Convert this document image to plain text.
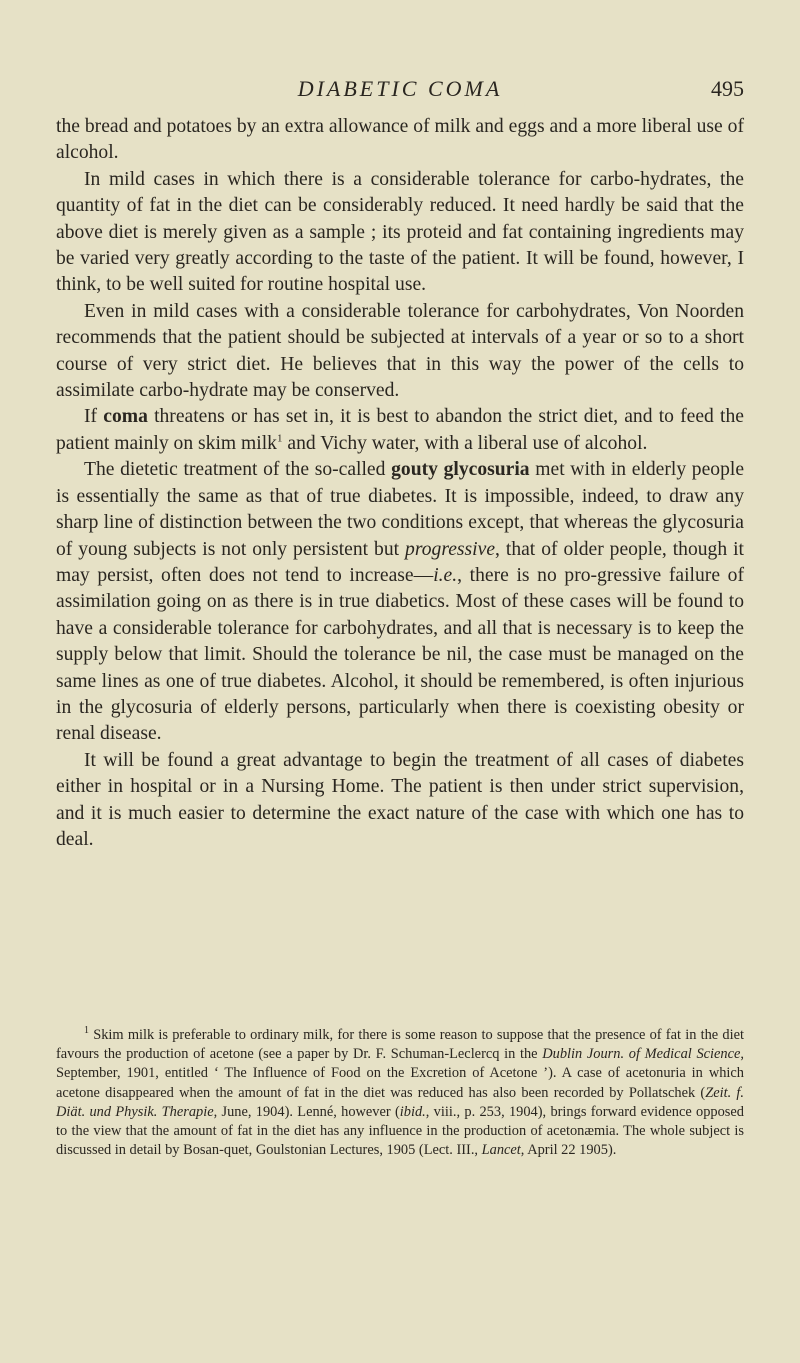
DIABETIC COMA	495

the bread and potatoes by an extra allowance of milk and eggs and a more liberal use of alcohol.

In mild cases in which there is a considerable tolerance for carbo-hydrates, the quantity of fat in the diet can be considerably reduced. It need hardly be said that the above diet is merely given as a sample ; its proteid and fat containing ingredients may be varied very greatly according to the taste of the patient. It will be found, however, I think, to be well suited for routine hospital use.

Even in mild cases with a considerable tolerance for carbohydrates, Von Noorden recommends that the patient should be subjected at intervals of a year or so to a short course of very strict diet. He believes that in this way the power of the cells to assimilate carbo-hydrate may be conserved.

If coma threatens or has set in, it is best to abandon the strict diet, and to feed the patient mainly on skim milk$^1$ and Vichy water, with a liberal use of alcohol.

The dietetic treatment of the so-called gouty glycosuria met with in elderly people is essentially the same as that of true diabetes. It is impossible, indeed, to draw any sharp line of distinction between the two conditions except, that whereas the glycosuria of young subjects is not only persistent but progressive, that of older people, though it may persist, often does not tend to increase—i.e., there is no pro-gressive failure of assimilation going on as there is in true diabetics. Most of these cases will be found to have a considerable tolerance for carbohydrates, and all that is necessary is to keep the supply below that limit. Should the tolerance be nil, the case must be managed on the same lines as one of true diabetes. Alcohol, it should be remembered, is often injurious in the glycosuria of elderly persons, particularly when there is coexisting obesity or renal disease.

It will be found a great advantage to begin the treatment of all cases of diabetes either in hospital or in a Nursing Home. The patient is then under strict supervision, and it is much easier to determine the exact nature of the case with which one has to deal.

$^1$ Skim milk is preferable to ordinary milk, for there is some reason to suppose that the presence of fat in the diet favours the production of acetone (see a paper by Dr. F. Schuman-Leclercq in the Dublin Journ. of Medical Science, September, 1901, entitled ‘ The Influence of Food on the Excretion of Acetone ’). A case of acetonuria in which acetone disappeared when the amount of fat in the diet was reduced has also been recorded by Pollatschek (Zeit. f. Diät. und Physik. Therapie, June, 1904). Lenné, however (ibid., viii., p. 253, 1904), brings forward evidence opposed to the view that the amount of fat in the diet has any influence in the production of acetonæmia. The whole subject is discussed in detail by Bosan-quet, Goulstonian Lectures, 1905 (Lect. III., Lancet, April 22 1905).
